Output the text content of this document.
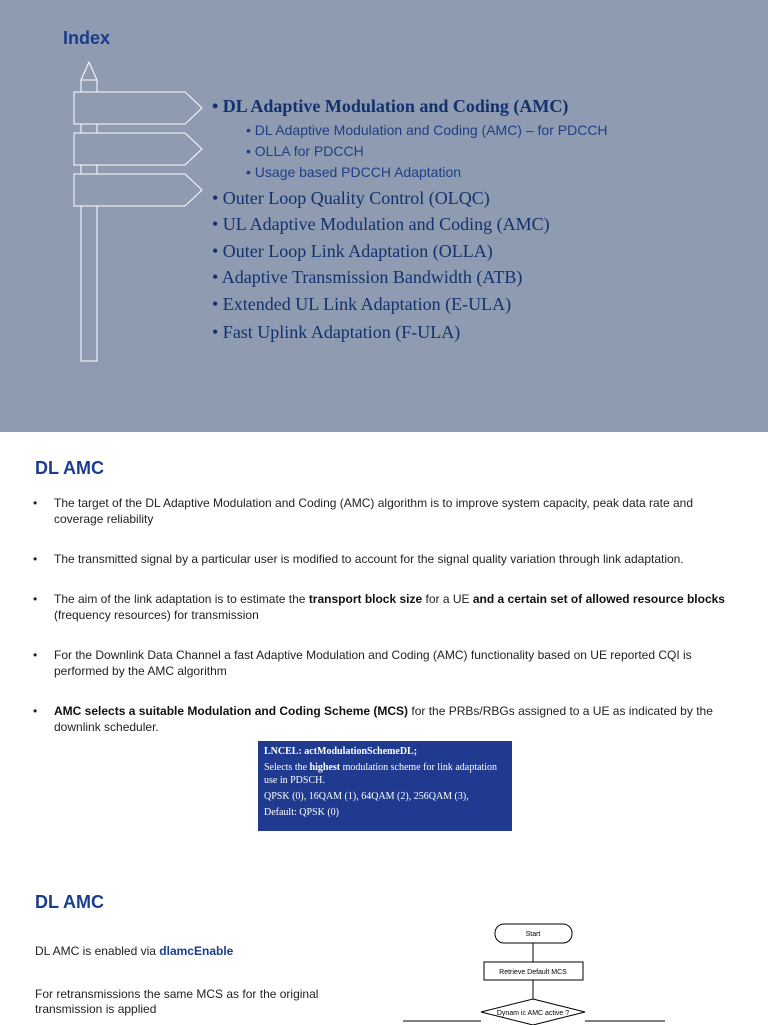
Index
• DL Adaptive Modulation and Coding (AMC)
• DL Adaptive Modulation and Coding (AMC) – for PDCCH
• OLLA for PDCCH
• Usage based PDCCH Adaptation
• Outer Loop Quality Control (OLQC)
• UL Adaptive Modulation and Coding (AMC)
• Outer Loop Link Adaptation (OLLA)
• Adaptive Transmission Bandwidth (ATB)
• Extended UL Link Adaptation (E-ULA)
• Fast Uplink Adaptation (F-ULA)
DL AMC
• The target of the DL Adaptive Modulation and Coding (AMC) algorithm is to improve system capacity, peak data rate and coverage reliability
• The transmitted signal by a particular user is modified to account for the signal quality variation through link adaptation.
• The aim of the link adaptation is to estimate the transport block size for a UE and a certain set of allowed resource blocks (frequency resources) for transmission
• For the Downlink Data Channel a fast Adaptive Modulation and Coding (AMC) functionality based on UE reported CQI is performed by the AMC algorithm
• AMC selects a suitable Modulation and Coding Scheme (MCS) for the PRBs/RBGs assigned to a UE as indicated by the downlink scheduler.
LNCEL: actModulationSchemeDL;
Selects the highest modulation scheme for link adaptation use in PDSCH.
QPSK (0), 16QAM (1), 64QAM (2), 256QAM (3),
Default: QPSK (0)
DL AMC
DL AMC is enabled via dlamcEnable
For retransmissions the same MCS as for the original transmission is applied
Start
Retrieve Default MCS
Dynam ic AMC active ?
